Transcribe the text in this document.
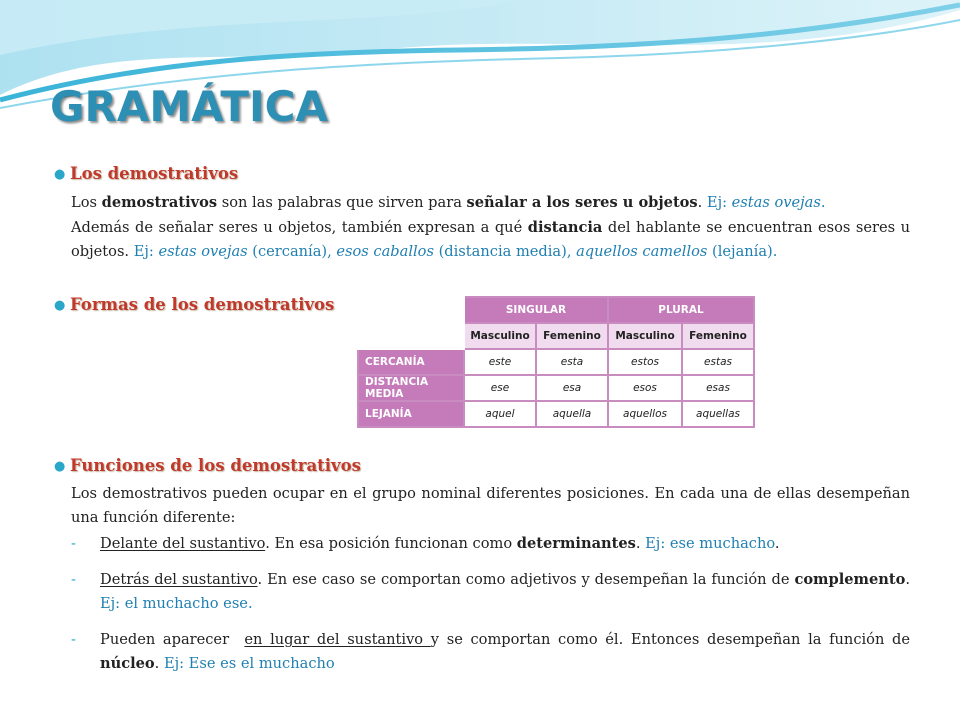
GRAMÁTICA
● Los demostrativos

Los demostrativos son las palabras que sirven para señalar a los seres u objetos. Ej: estas ovejas.

Además de señalar seres u objetos, también expresan a qué distancia del hablante se encuentran esos seres u objetos. Ej: estas ovejas (cercanía), esos caballos (distancia media), aquellos camellos (lejanía).

● Formas de los demostrativos
		SINGULAR		PLURAL	
	Masculino	Femenino	Masculino	Femenino
CERCANÍA	este	esta	estos	estas
DISTANCIA MEDIA	ese	esa	esos	esas
LEJANÍA	aquel	aquella	aquellos	aquellas
● Funciones de los demostrativos

Los demostrativos pueden ocupar en el grupo nominal diferentes posiciones. En cada una de ellas desempeñan una función diferente:

- Delante del sustantivo. En esa posición funcionan como determinantes. Ej: ese muchacho.
- Detrás del sustantivo. En ese caso se comportan como adjetivos y desempeñan la función de complemento. Ej: el muchacho ese.
- Pueden aparecer  en lugar del sustantivo y se comportan como él. Entonces desempeñan la función de núcleo. Ej: Ese es el muchacho
